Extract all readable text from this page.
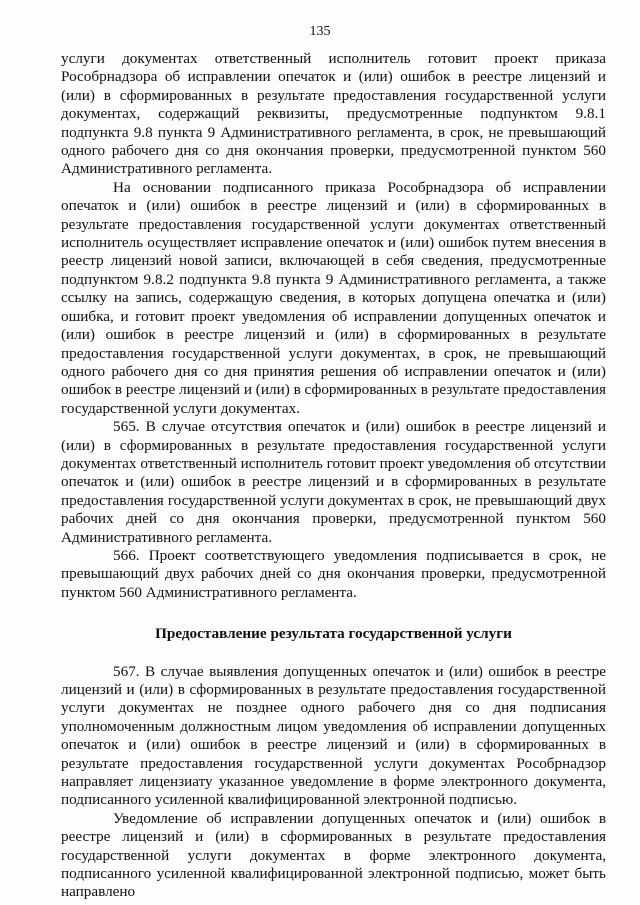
135

услуги документах ответственный исполнитель готовит проект приказа Рособрнадзора об исправлении опечаток и (или) ошибок в реестре лицензий и (или) в сформированных в результате предоставления государственной услуги документах, содержащий реквизиты, предусмотренные подпунктом 9.8.1 подпункта 9.8 пункта 9 Административного регламента, в срок, не превышающий одного рабочего дня со дня окончания проверки, предусмотренной пунктом 560 Административного регламента.

На основании подписанного приказа Рособрнадзора об исправлении опечаток и (или) ошибок в реестре лицензий и (или) в сформированных в результате предоставления государственной услуги документах ответственный исполнитель осуществляет исправление опечаток и (или) ошибок путем внесения в реестр лицензий новой записи, включающей в себя сведения, предусмотренные подпунктом 9.8.2 подпункта 9.8 пункта 9 Административного регламента, а также ссылку на запись, содержащую сведения, в которых допущена опечатка и (или) ошибка, и готовит проект уведомления об исправлении допущенных опечаток и (или) ошибок в реестре лицензий и (или) в сформированных в результате предоставления государственной услуги документах, в срок, не превышающий одного рабочего дня со дня принятия решения об исправлении опечаток и (или) ошибок в реестре лицензий и (или) в сформированных в результате предоставления государственной услуги документах.

565. В случае отсутствия опечаток и (или) ошибок в реестре лицензий и (или) в сформированных в результате предоставления государственной услуги документах ответственный исполнитель готовит проект уведомления об отсутствии опечаток и (или) ошибок в реестре лицензий и в сформированных в результате предоставления государственной услуги документах в срок, не превышающий двух рабочих дней со дня окончания проверки, предусмотренной пунктом 560 Административного регламента.

566. Проект соответствующего уведомления подписывается в срок, не превышающий двух рабочих дней со дня окончания проверки, предусмотренной пунктом 560 Административного регламента.

Предоставление результата государственной услуги

567. В случае выявления допущенных опечаток и (или) ошибок в реестре лицензий и (или) в сформированных в результате предоставления государственной услуги документах не позднее одного рабочего дня со дня подписания уполномоченным должностным лицом уведомления об исправлении допущенных опечаток и (или) ошибок в реестре лицензий и (или) в сформированных в результате предоставления государственной услуги документах Рособрнадзор направляет лицензиату указанное уведомление в форме электронного документа, подписанного усиленной квалифицированной электронной подписью.

Уведомление об исправлении допущенных опечаток и (или) ошибок в реестре лицензий и (или) в сформированных в результате предоставления государственной услуги документах в форме электронного документа, подписанного усиленной квалифицированной электронной подписью, может быть направлено
